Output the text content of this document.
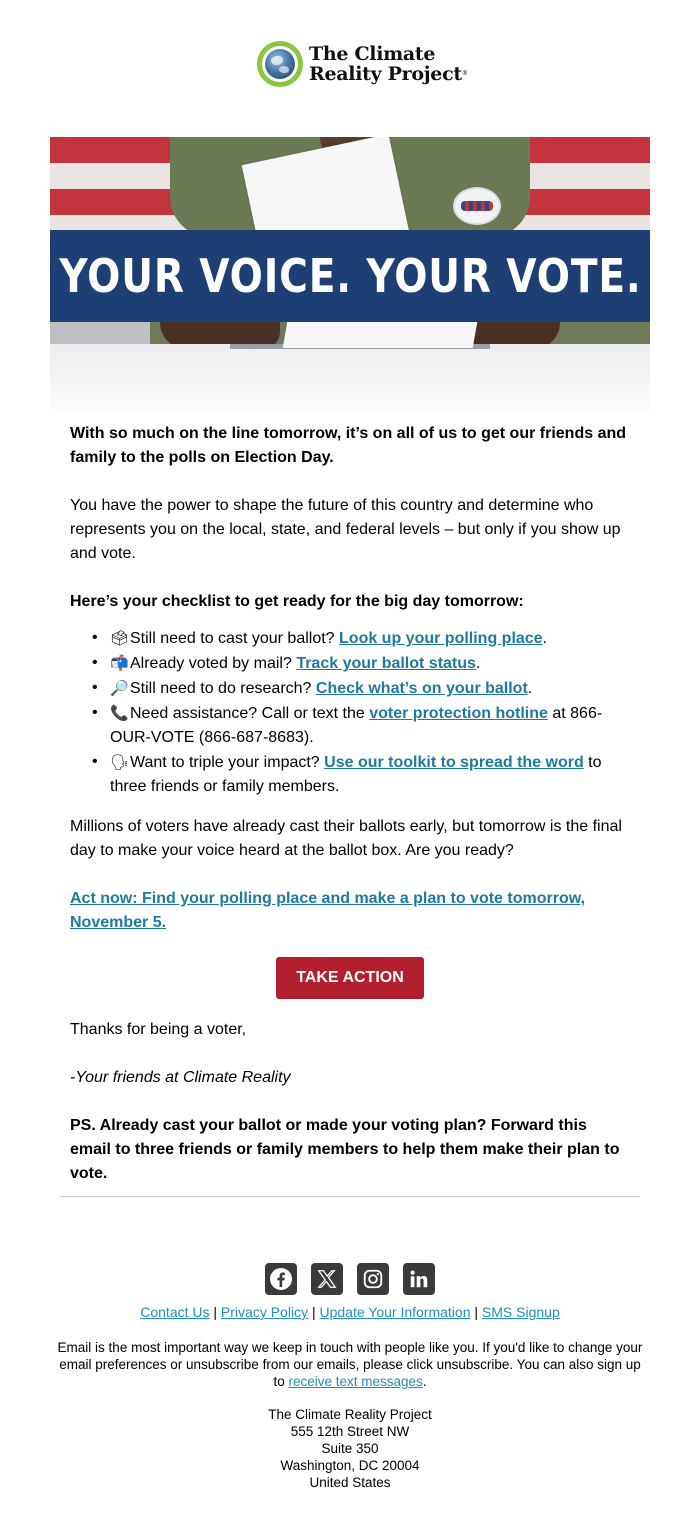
The Climate
Reality Project®
YOUR VOICE. YOUR VOTE.

With so much on the line tomorrow, it’s on all of us to get our friends and family to the polls on Election Day.

You have the power to shape the future of this country and determine who represents you on the local, state, and federal levels – but only if you show up and vote.

Here’s your checklist to get ready for the big day tomorrow:

• 🗳Still need to cast your ballot? Look up your polling place.
• 📬Already voted by mail? Track your ballot status.
• 🔎Still need to do research? Check what’s on your ballot.
• 📞Need assistance? Call or text the voter protection hotline at 866-OUR-VOTE (866-687-8683).
• 🗣Want to triple your impact? Use our toolkit to spread the word to three friends or family members.

Millions of voters have already cast their ballots early, but tomorrow is the final day to make your voice heard at the ballot box. Are you ready?

Act now: Find your polling place and make a plan to vote tomorrow, November 5.

TAKE ACTION

Thanks for being a voter,

-Your friends at Climate Reality

PS. Already cast your ballot or made your voting plan? Forward this email to three friends or family members to help them make their plan to vote.

Contact Us | Privacy Policy | Update Your Information | SMS Signup
Email is the most important way we keep in touch with people like you. If you'd like to change your email preferences or unsubscribe from our emails, please click unsubscribe. You can also sign up to receive text messages.
The Climate Reality Project
555 12th Street NW
Suite 350
Washington, DC 20004
United States
